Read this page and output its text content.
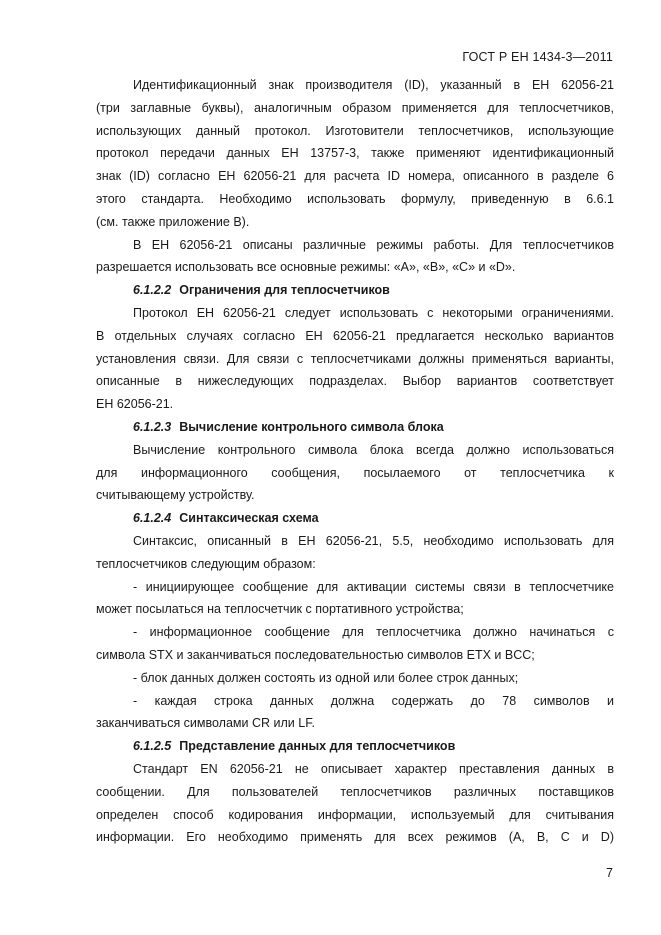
ГОСТ Р ЕН 1434-3—2011
Идентификационный знак производителя (ID), указанный в ЕН 62056-21
(три заглавные буквы), аналогичным образом применяется для теплосчетчиков,
использующих данный протокол. Изготовители теплосчетчиков, использующие
протокол передачи данных ЕН 13757-3, также применяют идентификационный
знак (ID) согласно ЕН 62056-21 для расчета ID номера, описанного в разделе 6
этого стандарта. Необходимо использовать формулу, приведенную в 6.6.1
(см. также приложение В).
В ЕН 62056-21 описаны различные режимы работы. Для теплосчетчиков
разрешается использовать все основные режимы: «A», «B», «C» и «D».
6.1.2.2 Ограничения для теплосчетчиков
Протокол ЕН 62056-21 следует использовать с некоторыми ограничениями.
В отдельных случаях согласно ЕН 62056-21 предлагается несколько вариантов
установления связи. Для связи с теплосчетчиками должны применяться варианты,
описанные в нижеследующих подразделах. Выбор вариантов соответствует
ЕН 62056-21.
6.1.2.3 Вычисление контрольного символа блока
Вычисление контрольного символа блока всегда должно использоваться
для информационного сообщения, посылаемого от теплосчетчика к
считывающему устройству.
6.1.2.4 Синтаксическая схема
Синтаксис, описанный в ЕН 62056-21, 5.5, необходимо использовать для
теплосчетчиков следующим образом:
- инициирующее сообщение для активации системы связи в теплосчетчике
может посылаться на теплосчетчик с портативного устройства;
- информационное сообщение для теплосчетчика должно начинаться с
символа STX и заканчиваться последовательностью символов ETX и BCC;
- блок данных должен состоять из одной или более строк данных;
- каждая строка данных должна содержать до 78 символов и
заканчиваться символами CR или LF.
6.1.2.5 Представление данных для теплосчетчиков
Стандарт EN 62056-21 не описывает характер преставления данных в
сообщении. Для пользователей теплосчетчиков различных поставщиков
определен способ кодирования информации, используемый для считывания
информации. Его необходимо применять для всех режимов (A, B, C и D)
7
